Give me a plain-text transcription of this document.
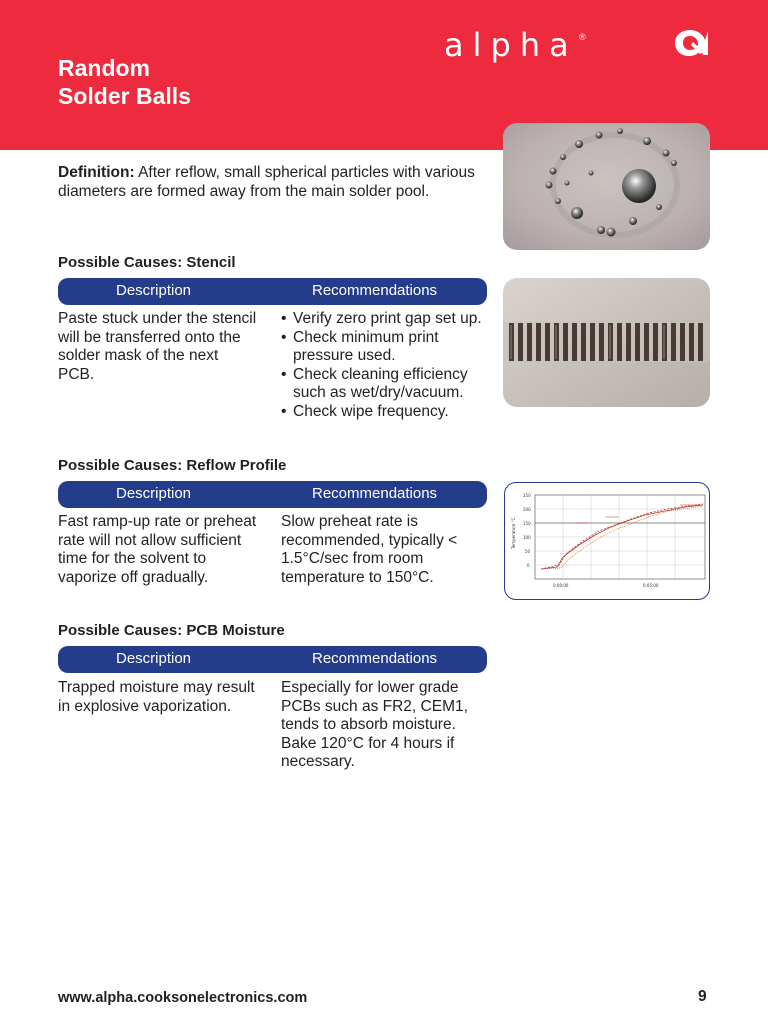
Random
Solder Balls
alpha®
Definition: After reflow, small spherical particles with various diameters are formed away from the main solder pool.
Possible Causes: Stencil
Description	Recommendations
Paste stuck under the stencil will be transferred onto the solder mask of the next PCB.
• Verify zero print gap set up.
• Check minimum print pressure used.
• Check cleaning efficiency such as wet/dry/vacuum.
• Check wipe frequency.
Possible Causes: Reflow Profile
Description	Recommendations
Fast ramp-up rate or preheat rate will not allow sufficient time for the solvent to vaporize off gradually.
Slow preheat rate is recommended, typically < 1.5°C/sec from room temperature to 150°C.
250
200
150
100
50
0
0:00:00	0:05:00
Temperature °C
Possible Causes: PCB Moisture
Description	Recommendations
Trapped moisture may result in explosive vaporization.
Especially for lower grade PCBs such as FR2, CEM1, tends to absorb moisture. Bake 120°C for 4 hours if necessary.
www.alpha.cooksonelectronics.com	9
